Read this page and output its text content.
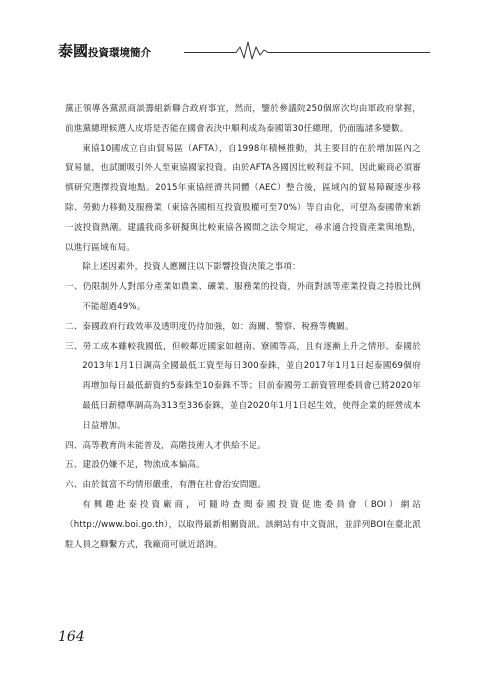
泰國投資環境簡介

黨正領導各黨派商談籌組新聯合政府事宜，然而，鑒於參議院250個席次均由軍政府掌握，前進黨總理候選人皮塔是否能在國會表決中順利成為泰國第30任總理，仍面臨諸多變數。

東協10國成立自由貿易區（AFTA），自1998年積極推動，其主要目的在於增加區內之貿易量，也試圖吸引外人至東協國家投資。由於AFTA各國因比較利益不同，因此廠商必須審慎研究選擇投資地點。2015年東協經濟共同體（AEC）整合後，區域內的貿易障礙逐步移除、勞動力移動及服務業（東協各國相互投資股權可至70%）等自由化，可望為泰國帶來新一波投資熱潮。建議我商多研擬與比較東協各國間之法令規定，尋求適合投資產業與地點，以進行區域布局。

除上述因素外，投資人應關注以下影響投資決策之事項：

一、仍限制外人對部分產業如農業、礦業、服務業的投資，外商對該等產業投資之持股比例不能超過49%。

二、泰國政府行政效率及透明度仍待加強，如：海關、警察、稅務等機關。

三、勞工成本雖較我國低，但較鄰近國家如越南、寮國等高，且有逐漸上升之情形。泰國於2013年1月1日調高全國最低工資至每日300泰銖，並自2017年1月1日起泰國69個府再增加每日最低薪資約5泰銖至10泰銖不等；目前泰國勞工薪資管理委員會已將2020年最低日薪標準調高為313至336泰銖，並自2020年1月1日起生效，使得企業的經營成本日益增加。

四、高等教育尚未能普及，高階技術人才供給不足。

五、建設仍嫌不足，物流成本偏高。

六、由於貧富不均情形嚴重，有潛在社會治安問題。

有興趣赴泰投資廠商，可隨時查閱泰國投資促進委員會（BOI）網站（http://www.boi.go.th），以取得最新相關資訊。該網站有中文資訊，並詳列BOI在臺北派駐人員之聯繫方式，我廠商可就近諮詢。

164
